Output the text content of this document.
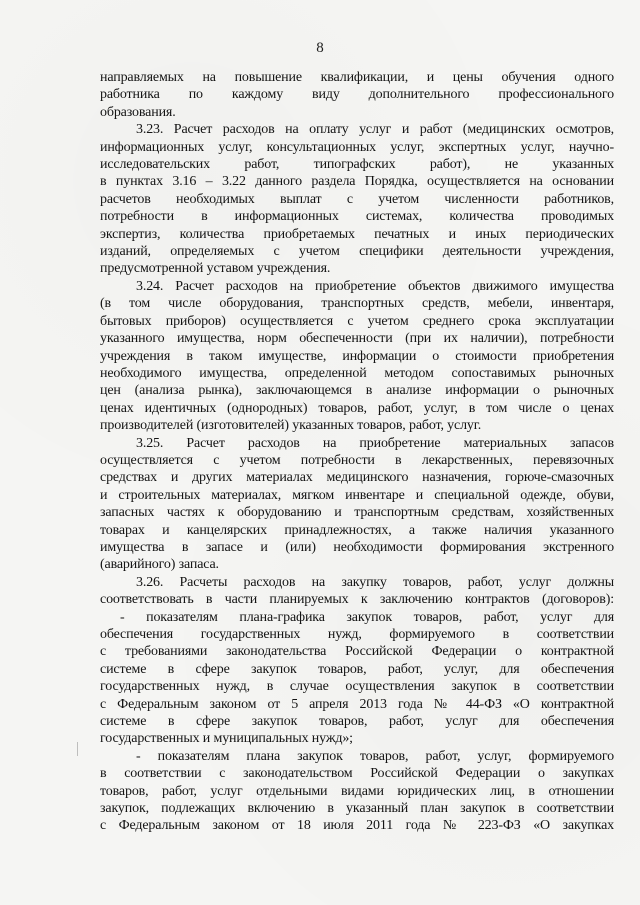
8
направляемых на повышение квалификации, и цены обучения одного
работника по каждому виду дополнительного профессионального
образования.
3.23. Расчет расходов на оплату услуг и работ (медицинских осмотров,
информационных услуг, консультационных услуг, экспертных услуг, научно-
исследовательских работ, типографских работ), не указанных
в пунктах 3.16 – 3.22 данного раздела Порядка, осуществляется на основании
расчетов необходимых выплат с учетом численности работников,
потребности в информационных системах, количества проводимых
экспертиз, количества приобретаемых печатных и иных периодических
изданий, определяемых с учетом специфики деятельности учреждения,
предусмотренной уставом учреждения.
3.24. Расчет расходов на приобретение объектов движимого имущества
(в том числе оборудования, транспортных средств, мебели, инвентаря,
бытовых приборов) осуществляется с учетом среднего срока эксплуатации
указанного имущества, норм обеспеченности (при их наличии), потребности
учреждения в таком имуществе, информации о стоимости приобретения
необходимого имущества, определенной методом сопоставимых рыночных
цен (анализа рынка), заключающемся в анализе информации о рыночных
ценах идентичных (однородных) товаров, работ, услуг, в том числе о ценах
производителей (изготовителей) указанных товаров, работ, услуг.
3.25. Расчет расходов на приобретение материальных запасов
осуществляется с учетом потребности в лекарственных, перевязочных
средствах и других материалах медицинского назначения, горюче-смазочных
и строительных материалах, мягком инвентаре и специальной одежде, обуви,
запасных частях к оборудованию и транспортным средствам, хозяйственных
товарах и канцелярских принадлежностях, а также наличия указанного
имущества в запасе и (или) необходимости формирования экстренного
(аварийного) запаса.
3.26. Расчеты расходов на закупку товаров, работ, услуг должны
соответствовать в части планируемых к заключению контрактов (договоров):
- показателям плана-графика закупок товаров, работ, услуг для
обеспечения государственных нужд, формируемого в соответствии
с требованиями законодательства Российской Федерации о контрактной
системе в сфере закупок товаров, работ, услуг, для обеспечения
государственных нужд, в случае осуществления закупок в соответствии
с Федеральным законом от 5 апреля 2013 года № 44-ФЗ «О контрактной
системе в сфере закупок товаров, работ, услуг для обеспечения
государственных и муниципальных нужд»;
- показателям плана закупок товаров, работ, услуг, формируемого
в соответствии с законодательством Российской Федерации о закупках
товаров, работ, услуг отдельными видами юридических лиц, в отношении
закупок, подлежащих включению в указанный план закупок в соответствии
с Федеральным законом от 18 июля 2011 года № 223-ФЗ «О закупках
